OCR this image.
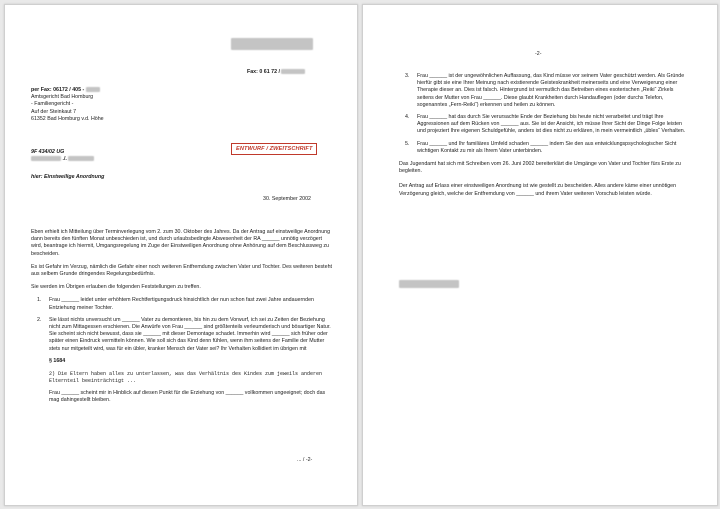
Fax: 0 61 72 /
per Fax: 06172 / 405 -
Amtsgericht Bad Homburg
- Familiengericht -
Auf der Steinkaut 7
61352 Bad Homburg v.d. Höhe
9F 434/02 UG
./.
ENTWURF / ZWEITSCHRIFT
hier: Einstweilige Anordnung
30. September 2002

Eben erhielt ich Mitteilung über Terminverlegung vom 2. zum 30. Oktober des Jahres. Da der Antrag auf einstweilige Anordnung dann bereits den fünften Monat unbeschieden ist, und durch urlaubsbedingte Abwesenheit der RA ______ unnötig verzögert wird, beantrage ich hiermit, Umgangsregelung im Zuge der Einstweiligen Anordnung ohne Anhörung auf dem Beschlussweg zu bescheiden.

Es ist Gefahr im Verzug, nämlich die Gefahr einer noch weiteren Entfremdung zwischen Vater und Tochter. Des weiteren besteht aus selbem Grunde dringendes Regelungsbedürfnis.

Sie werden im Übrigen erlauben die folgenden Feststellungen zu treffen.

1. Frau ______ leidet unter erhöhtem Rechtfertigungsdruck hinsichtlich der nun schon fast zwei Jahre andauernden Entziehung meiner Tochter.
2. Sie lässt nichts unversucht um ______ Vater zu demontieren, bis hin zu dem Vorwurf, ich sei zu Zeiten der Beziehung nicht zum Mittagessen erschienen. Die Anwürfe von Frau ______ sind größtenteils verleumderisch und bösartiger Natur. Sie scheint sich nicht bewusst, dass sie ______ mit dieser Demontage schadet. Immerhin wird ______ sich früher oder später einen Eindruck vermitteln können. Wie soll sich das Kind denn fühlen, wenn ihm seitens der Familie der Mutter stets nur mitgeteilt wird, was für ein übler, kranker Mensch der Vater sei? Ihr Verhalten kollidiert im übrigen mit
§ 1684
2) Die Eltern haben alles zu unterlassen, was das Verhältnis des Kindes zum jeweils anderen Elternteil beeinträchtigt ...

Frau ______ scheint mir in Hinblick auf diesen Punkt für die Erziehung von ______ vollkommen ungeeignet; doch das mag dahingestellt bleiben.

... / -2-
-2-
3. Frau ______ ist der ungewöhnlichen Auffassung, das Kind müsse vor seinem Vater geschützt werden. Als Gründe hierfür gibt sie eine Ihrer Meinung nach existierende Geisteskrankheit meinerseits und eine Verweigerung einer Therapie dieser an. Dies ist falsch. Hintergrund ist vermutlich das Betreiben eines esoterischen „Reiki“ Zirkels seitens der Mutter von Frau ______. Diese glaubt Krankheiten durch Handauflegen (oder durchs Telefon, sogenanntes „Fern-Reiki“) erkennen und heilen zu können.
4. Frau ______ hat das durch Sie verursachte Ende der Beziehung bis heute nicht verarbeitet und trägt Ihre Aggressionen auf dem Rücken von ______ aus. Sie ist der Ansicht, ich müsse Ihrer Sicht der Dinge Folge leisten und projeziert Ihre eigenen Schuldgefühle, anders ist dies nicht zu erklären, in mein vermeintlich „übles“ Verhalten.
5. Frau ______ und Ihr familiäres Umfeld schaden ______ indem Sie den aus entwicklungspsychologischer Sicht wichtigen Kontakt zu mir als Ihrem Vater unterbinden.

Das Jugendamt hat sich mit Schreiben vom 26. Juni 2002 bereiterklärt die Umgänge von Vater und Tochter fürs Erste zu begleiten.

Der Antrag auf Erlass einer einstweiligen Anordnung ist wie gestellt zu bescheiden. Alles andere käme einer unnötigen Verzögerung gleich, welche der Entfremdung von ______ und ihrem Vater weiteren Vorschub leisten würde.
